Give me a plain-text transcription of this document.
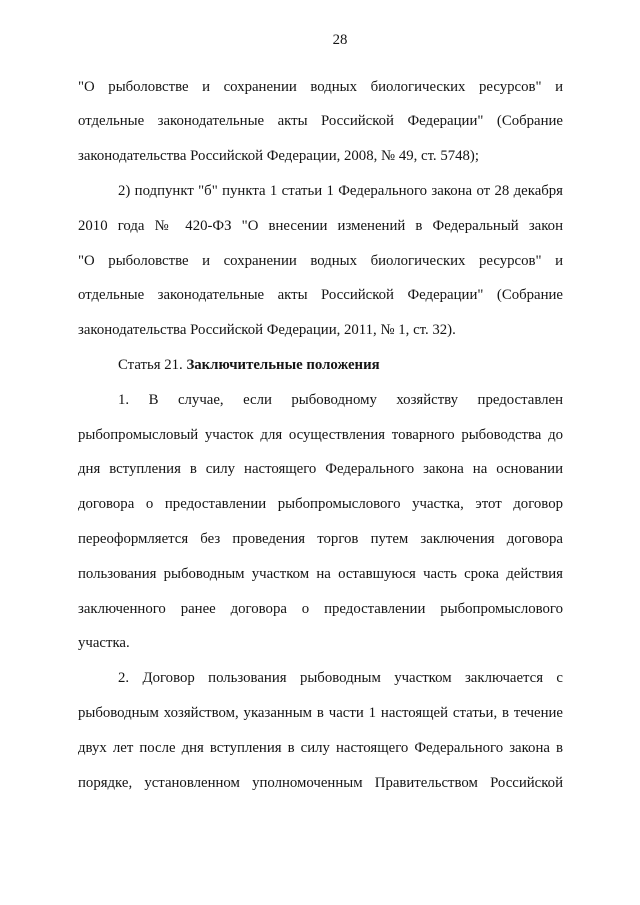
28
"О рыболовстве и сохранении водных биологических ресурсов" и
отдельные законодательные акты Российской Федерации" (Собрание
законодательства Российской Федерации, 2008, № 49, ст. 5748);
2) подпункт "б" пункта 1 статьи 1 Федерального закона от 28 декабря
2010 года № 420-ФЗ "О внесении изменений в Федеральный закон
"О рыболовстве и сохранении водных биологических ресурсов" и
отдельные законодательные акты Российской Федерации" (Собрание
законодательства Российской Федерации, 2011, № 1, ст. 32).
Статья 21. Заключительные положения
1. В случае, если рыбоводному хозяйству предоставлен
рыбопромысловый участок для осуществления товарного рыбоводства до
дня вступления в силу настоящего Федерального закона на основании
договора о предоставлении рыбопромыслового участка, этот договор
переоформляется без проведения торгов путем заключения договора
пользования рыбоводным участком на оставшуюся часть срока действия
заключенного ранее договора о предоставлении рыбопромыслового
участка.
2. Договор пользования рыбоводным участком заключается с
рыбоводным хозяйством, указанным в части 1 настоящей статьи, в течение
двух лет после дня вступления в силу настоящего Федерального закона в
порядке, установленном уполномоченным Правительством Российской
